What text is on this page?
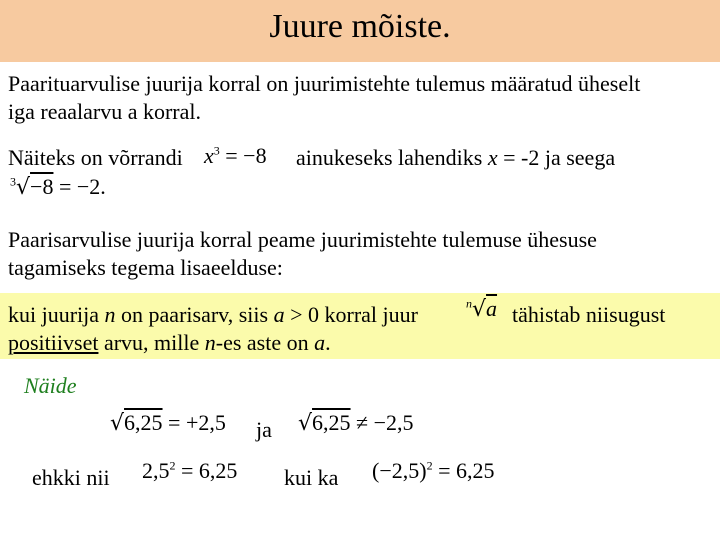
Juure mõiste.
Paarituarvulise juurija korral on juurimistehte tulemus määratud üheselt
iga reaalarvu a korral.
Näiteks on võrrandi $x^3 = -8$ ainukeseks lahendiks x = -2 ja seega
$^3$√−8 = −2.
Paarisarvulise juurija korral peame juurimistehte tulemuse ühesuse
tagamiseks tegema lisaeelduse:
kui juurija n on paarisarv, siis a > 0 korral juur	$^n$√a tähistab niisugust
positiivset arvu, mille n-es aste on a.
Näide
√6,25 = +2,5 ja √6,25 ≠ −2,5
ehkki nii $2,5^2 = 6,25$ kui ka $(-2,5)^2 = 6,25$
